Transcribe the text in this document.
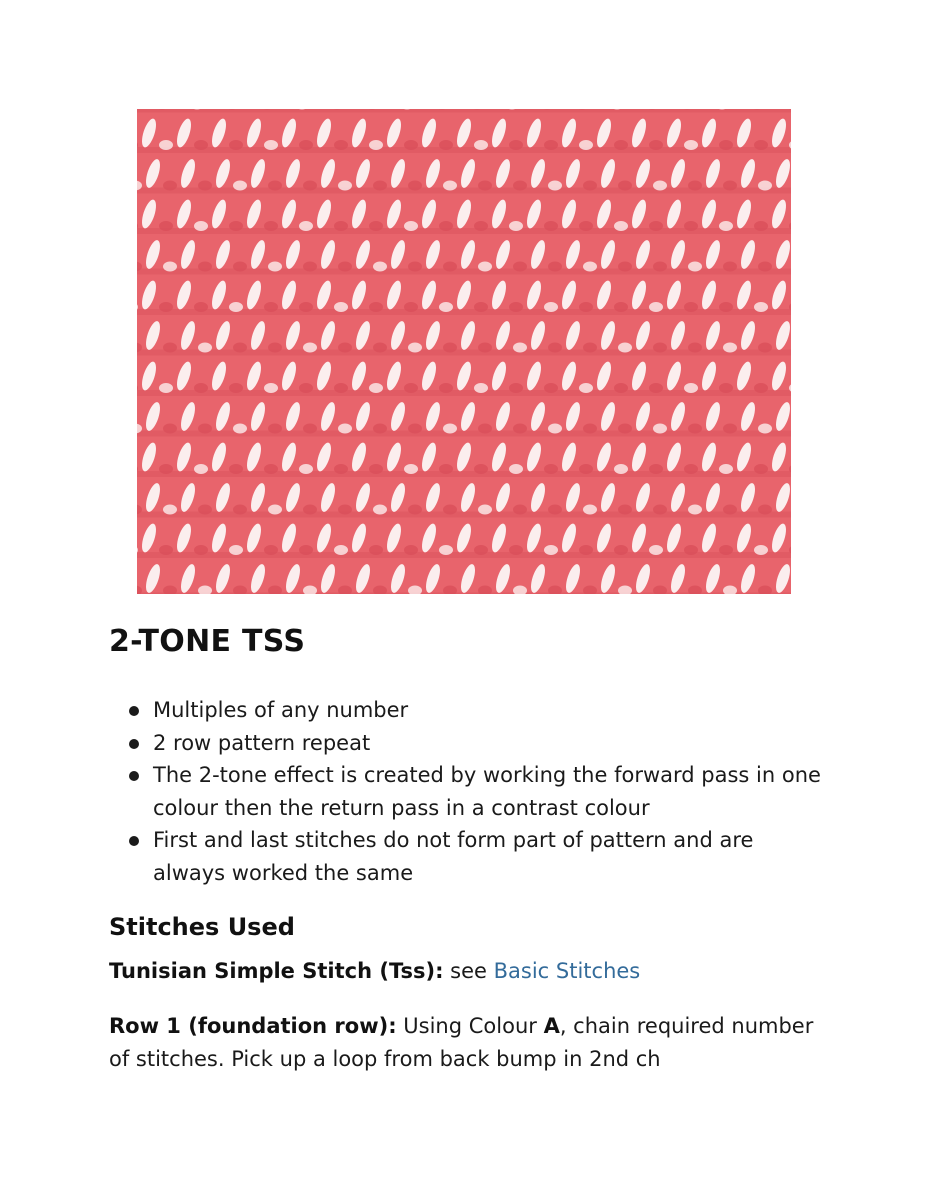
2-TONE TSS
Multiples of any number
2 row pattern repeat
The 2-tone effect is created by working the forward pass in one colour then the return pass in a contrast colour
First and last stitches do not form part of pattern and are always worked the same
Stitches Used

Tunisian Simple Stitch (Tss): see Basic Stitches

Row 1 (foundation row): Using Colour A, chain required number of stitches. Pick up a loop from back bump in 2nd ch
